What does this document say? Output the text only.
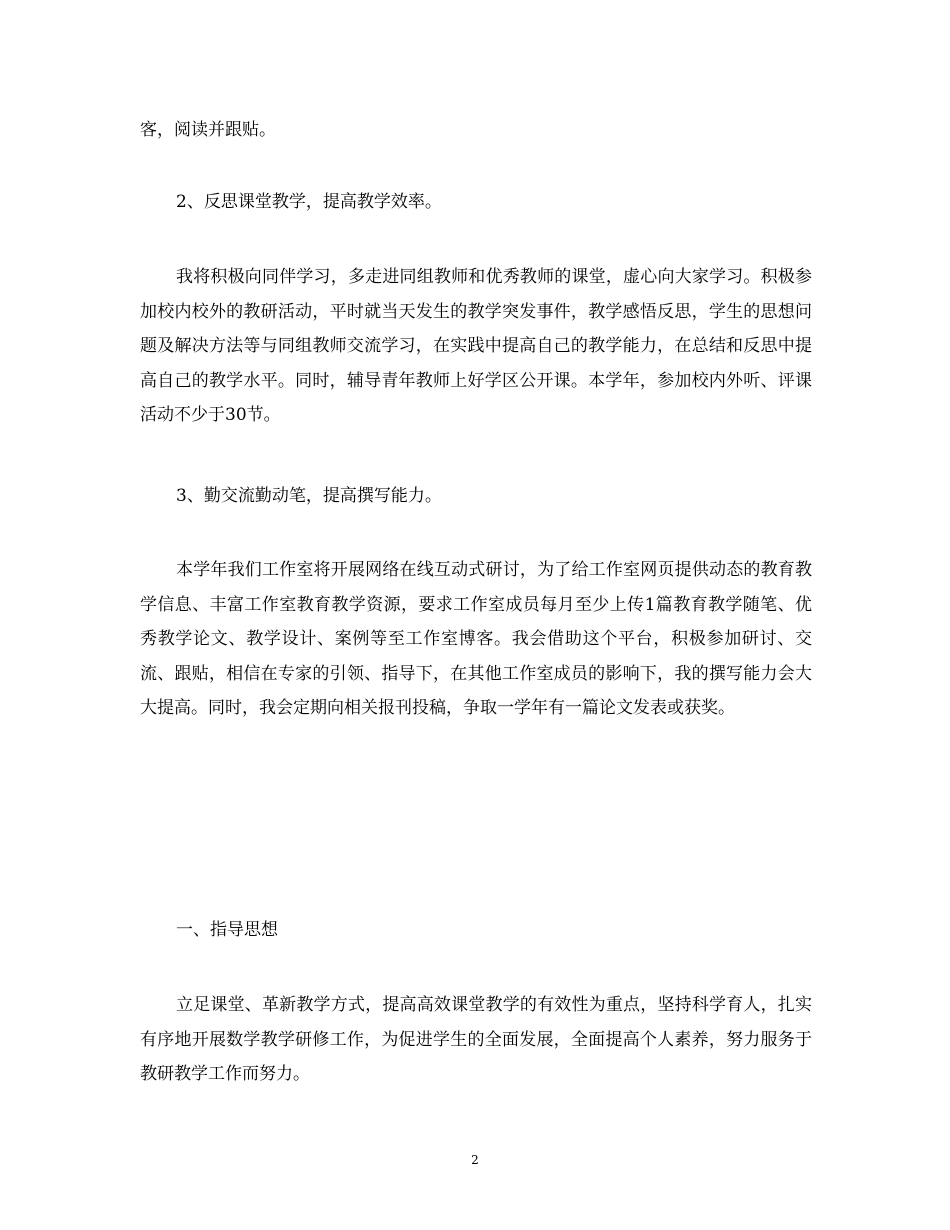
客，阅读并跟贴。

2、反思课堂教学，提高教学效率。

我将积极向同伴学习，多走进同组教师和优秀教师的课堂，虚心向大家学习。积极参加校内校外的教研活动，平时就当天发生的教学突发事件，教学感悟反思，学生的思想问题及解决方法等与同组教师交流学习，在实践中提高自己的教学能力，在总结和反思中提高自己的教学水平。同时，辅导青年教师上好学区公开课。本学年，参加校内外听、评课活动不少于30节。

3、勤交流勤动笔，提高撰写能力。

本学年我们工作室将开展网络在线互动式研讨，为了给工作室网页提供动态的教育教学信息、丰富工作室教育教学资源，要求工作室成员每月至少上传1篇教育教学随笔、优秀教学论文、教学设计、案例等至工作室博客。我会借助这个平台，积极参加研讨、交流、跟贴，相信在专家的引领、指导下，在其他工作室成员的影响下，我的撰写能力会大大提高。同时，我会定期向相关报刊投稿，争取一学年有一篇论文发表或获奖。

一、指导思想

立足课堂、革新教学方式，提高高效课堂教学的有效性为重点，坚持科学育人，扎实有序地开展数学教学研修工作，为促进学生的全面发展，全面提高个人素养，努力服务于教研教学工作而努力。

2
